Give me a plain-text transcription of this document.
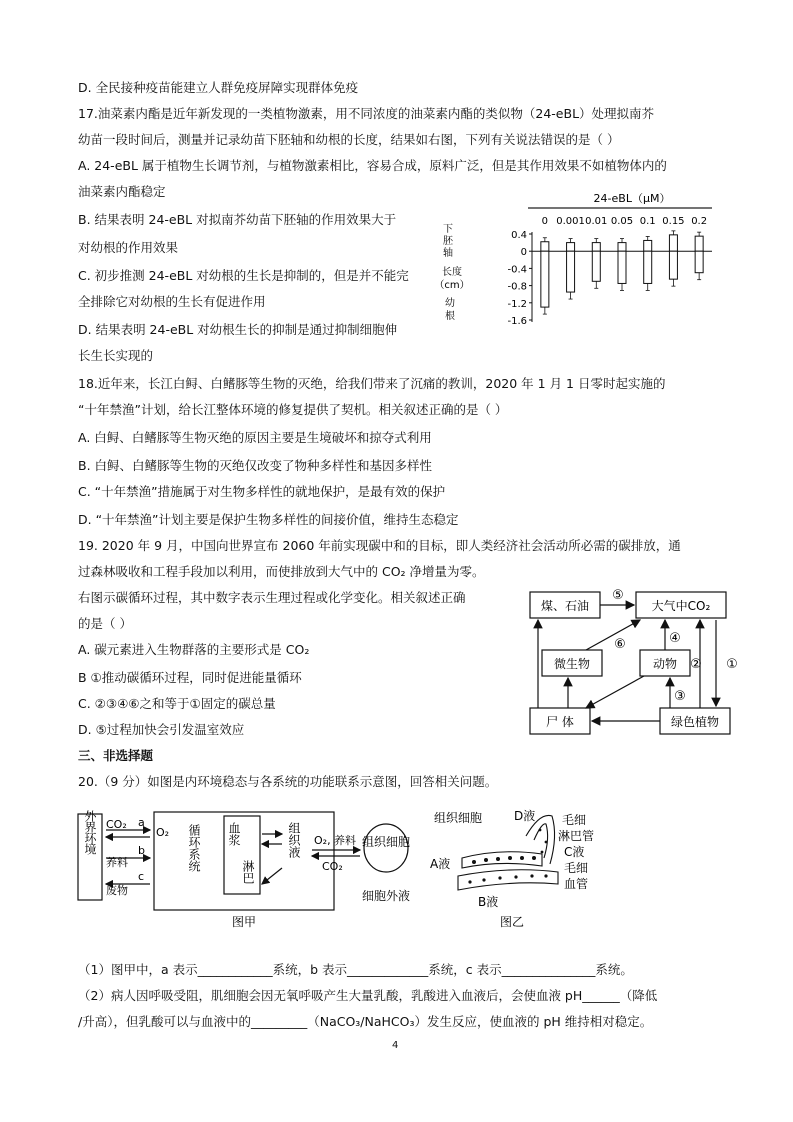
D. 全民接种疫苗能建立人群免疫屏障实现群体免疫
17.油菜素内酯是近年新发现的一类植物激素，用不同浓度的油菜素内酯的类似物（24-eBL）处理拟南芥
幼苗一段时间后，测量并记录幼苗下胚轴和幼根的长度，结果如右图，下列有关说法错误的是（ ）
A. 24-eBL 属于植物生长调节剂，与植物激素相比，容易合成，原料广泛，但是其作用效果不如植物体内的
油菜素内酯稳定
B. 结果表明 24-eBL 对拟南芥幼苗下胚轴的作用效果大于
对幼根的作用效果
C. 初步推测 24-eBL 对幼根的生长是抑制的，但是并不能完
全排除它对幼根的生长有促进作用
D. 结果表明 24-eBL 对幼根生长的抑制是通过抑制细胞伸
长生长实现的
24-eBL（μM）
下胚轴
长度
（cm）
幼根
0.4
0
-0.4
-0.8
-1.2
-1.6
0 0.001 0.01 0.05 0.1 0.15 0.2
18.近年来，长江白鲟、白鳍豚等生物的灭绝，给我们带来了沉痛的教训，2020 年 1 月 1 日零时起实施的
“十年禁渔”计划，给长江整体环境的修复提供了契机。相关叙述正确的是（ ）
A. 白鲟、白鳍豚等生物灭绝的原因主要是生境破坏和掠夺式利用
B. 白鲟、白鳍豚等生物的灭绝仅改变了物种多样性和基因多样性
C. “十年禁渔”措施属于对生物多样性的就地保护，是最有效的保护
D. “十年禁渔”计划主要是保护生物多样性的间接价值，维持生态稳定
19. 2020 年 9 月，中国向世界宣布 2060 年前实现碳中和的目标，即人类经济社会活动所必需的碳排放，通
过森林吸收和工程手段加以利用，而使排放到大气中的 CO₂ 净增量为零。
右图示碳循环过程，其中数字表示生理过程或化学变化。相关叙述正确
的是（ ）
A. 碳元素进入生物群落的主要形式是 CO₂
B ①推动碳循环过程，同时促进能量循环
C. ②③④⑥之和等于①固定的碳总量
D. ⑤过程加快会引发温室效应
煤、石油	大气中CO₂
微生物	动物
尸 体	绿色植物
⑤
⑥	④
② ①
③
三、非选择题
20.（9 分）如图是内环境稳态与各系统的功能联系示意图，回答相关问题。
外界环境 CO₂ a
O₂
养料
b
废物
c
循环系统 血浆
淋巴
组织液 O₂, 养料
CO₂
组织细胞
细胞外液
图甲
组织细胞	D液 毛细
淋巴管
C液
毛细
血管
A液
B液
图乙
（1）图甲中，a 表示____________系统，b 表示_____________系统，c 表示_______________系统。
（2）病人因呼吸受阻，肌细胞会因无氧呼吸产生大量乳酸，乳酸进入血液后，会使血液 pH______（降低
/升高），但乳酸可以与血液中的_________（NaCO₃/NaHCO₃）发生反应，使血液的 pH 维持相对稳定。
4
